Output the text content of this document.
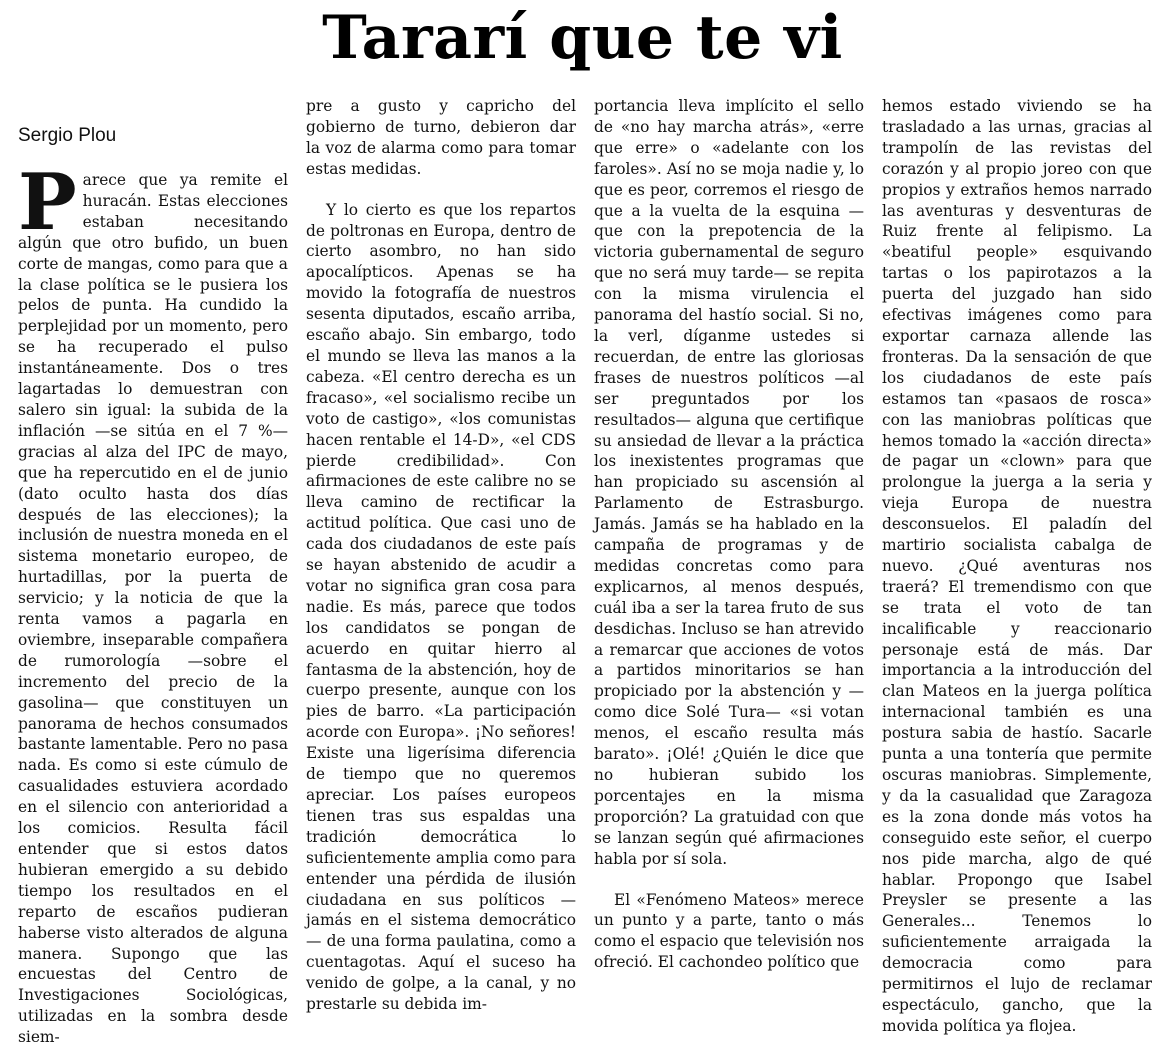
Tararí que te vi
Sergio Plou

Parece que ya remite el huracán. Estas elecciones estaban necesitando algún que otro bufido, un buen corte de mangas, como para que a la clase política se le pusiera los pelos de punta. Ha cundido la perplejidad por un momento, pero se ha recuperado el pulso instantáneamente. Dos o tres lagartadas lo demuestran con salero sin igual: la subida de la inflación —se sitúa en el 7 %— gracias al alza del IPC de mayo, que ha repercutido en el de junio (dato oculto hasta dos días después de las elecciones); la inclusión de nuestra moneda en el sistema monetario europeo, de hurtadillas, por la puerta de servicio; y la noticia de que la renta vamos a pagarla en oviembre, inseparable compañera de rumorología —sobre el incremento del precio de la gasolina— que constituyen un panorama de hechos consumados bastante lamentable. Pero no pasa nada. Es como si este cúmulo de casualidades estuviera acordado en el silencio con anterioridad a los comicios. Resulta fácil entender que si estos datos hubieran emergido a su debido tiempo los resultados en el reparto de escaños pudieran haberse visto alterados de alguna manera. Supongo que las encuestas del Centro de Investigaciones Sociológicas, utilizadas en la sombra desde siem-

pre a gusto y capricho del gobierno de turno, debieron dar la voz de alarma como para tomar estas medidas.

Y lo cierto es que los repartos de poltronas en Europa, dentro de cierto asombro, no han sido apocalípticos. Apenas se ha movido la fotografía de nuestros sesenta diputados, escaño arriba, escaño abajo. Sin embargo, todo el mundo se lleva las manos a la cabeza. «El centro derecha es un fracaso», «el socialismo recibe un voto de castigo», «los comunistas hacen rentable el 14-D», «el CDS pierde credibilidad». Con afirmaciones de este calibre no se lleva camino de rectificar la actitud política. Que casi uno de cada dos ciudadanos de este país se hayan abstenido de acudir a votar no significa gran cosa para nadie. Es más, parece que todos los candidatos se pongan de acuerdo en quitar hierro al fantasma de la abstención, hoy de cuerpo presente, aunque con los pies de barro. «La participación acorde con Europa». ¡No señores! Existe una ligerísima diferencia de tiempo que no queremos apreciar. Los países europeos tienen tras sus espaldas una tradición democrática lo suficientemente amplia como para entender una pérdida de ilusión ciudadana en sus políticos —jamás en el sistema democrático— de una forma paulatina, como a cuentagotas. Aquí el suceso ha venido de golpe, a la canal, y no prestarle su debida im-

portancia lleva implícito el sello de «no hay marcha atrás», «erre que erre» o «adelante con los faroles». Así no se moja nadie y, lo que es peor, corremos el riesgo de que a la vuelta de la esquina —que con la prepotencia de la victoria gubernamental de seguro que no será muy tarde— se repita con la misma virulencia el panorama del hastío social. Si no, la verl, díganme ustedes si recuerdan, de entre las gloriosas frases de nuestros políticos —al ser preguntados por los resultados— alguna que certifique su ansiedad de llevar a la práctica los inexistentes programas que han propiciado su ascensión al Parlamento de Estrasburgo. Jamás. Jamás se ha hablado en la campaña de programas y de medidas concretas como para explicarnos, al menos después, cuál iba a ser la tarea fruto de sus desdichas. Incluso se han atrevido a remarcar que acciones de votos a partidos minoritarios se han propiciado por la abstención y —como dice Solé Tura— «si votan menos, el escaño resulta más barato». ¡Olé! ¿Quién le dice que no hubieran subido los porcentajes en la misma proporción? La gratuidad con que se lanzan según qué afirmaciones habla por sí sola.

El «Fenómeno Mateos» merece un punto y a parte, tanto o más como el espacio que televisión nos ofreció. El cachondeo político que

hemos estado viviendo se ha trasladado a las urnas, gracias al trampolín de las revistas del corazón y al propio joreo con que propios y extraños hemos narrado las aventuras y desventuras de Ruiz frente al felipismo. La «beatiful people» esquivando tartas o los papirotazos a la puerta del juzgado han sido efectivas imágenes como para exportar carnaza allende las fronteras. Da la sensación de que los ciudadanos de este país estamos tan «pasaos de rosca» con las maniobras políticas que hemos tomado la «acción directa» de pagar un «clown» para que prolongue la juerga a la seria y vieja Europa de nuestra desconsuelos. El paladín del martirio socialista cabalga de nuevo. ¿Qué aventuras nos traerá? El tremendismo con que se trata el voto de tan incalificable y reaccionario personaje está de más. Dar importancia a la introducción del clan Mateos en la juerga política internacional también es una postura sabia de hastío. Sacarle punta a una tontería que permite oscuras maniobras. Simplemente, y da la casualidad que Zaragoza es la zona donde más votos ha conseguido este señor, el cuerpo nos pide marcha, algo de qué hablar. Propongo que Isabel Preysler se presente a las Generales... Tenemos lo suficientemente arraigada la democracia como para permitirnos el lujo de reclamar espectáculo, gancho, que la movida política ya flojea.
